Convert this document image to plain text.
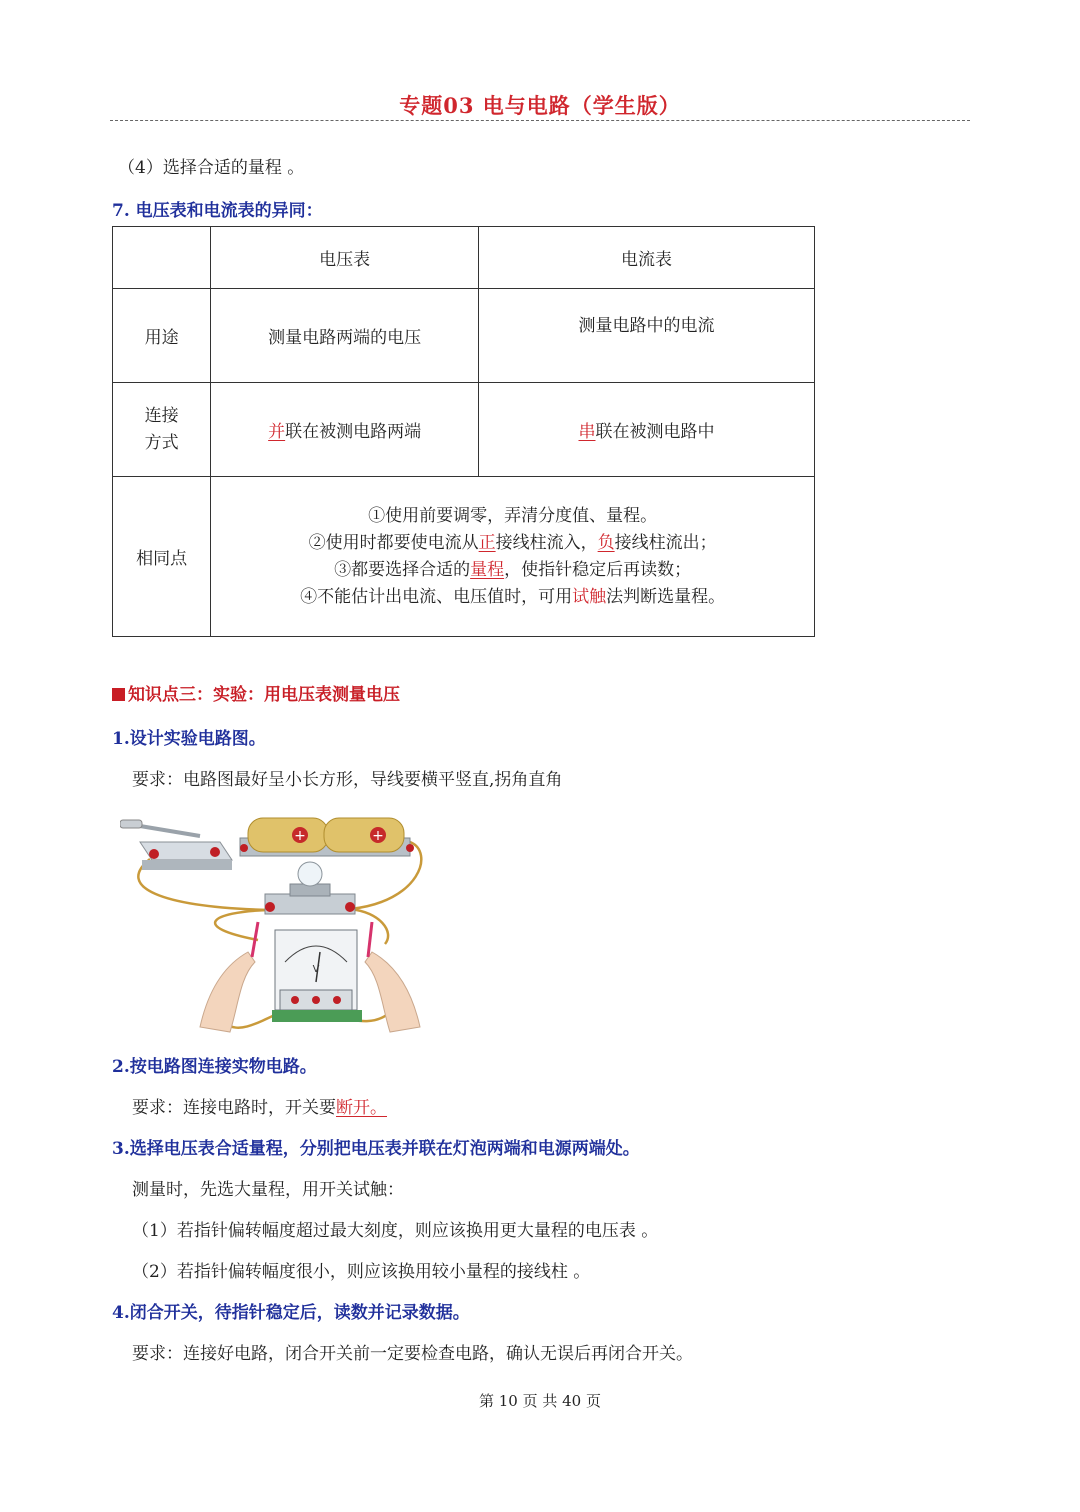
专题03 电与电路（学生版）
（4）选择合适的量程 。
7. 电压表和电流表的异同：
	电压表	电流表
用途	测量电路两端的电压	测量电路中的电流
连接
方式	并联在被测电路两端	串联在被测电路中
相同点	①使用前要调零，弄清分度值、量程。
②使用时都要使电流从正接线柱流入，负接线柱流出；
③都要选择合适的量程，使指针稳定后再读数；
④不能估计出电流、电压值时，可用试触法判断选量程。	
知识点三：实验：用电压表测量电压
1.设计实验电路图。
要求：电路图最好呈小长方形，导线要横平竖直,拐角直角
+	+
V
2.按电路图连接实物电路。
要求：连接电路时，开关要断开。
3.选择电压表合适量程，分别把电压表并联在灯泡两端和电源两端处。
测量时，先选大量程，用开关试触：
（1）若指针偏转幅度超过最大刻度，则应该换用更大量程的电压表 。
（2）若指针偏转幅度很小，则应该换用较小量程的接线柱 。
4.闭合开关，待指针稳定后，读数并记录数据。
要求：连接好电路，闭合开关前一定要检查电路，确认无误后再闭合开关。
第 10 页 共 40 页
